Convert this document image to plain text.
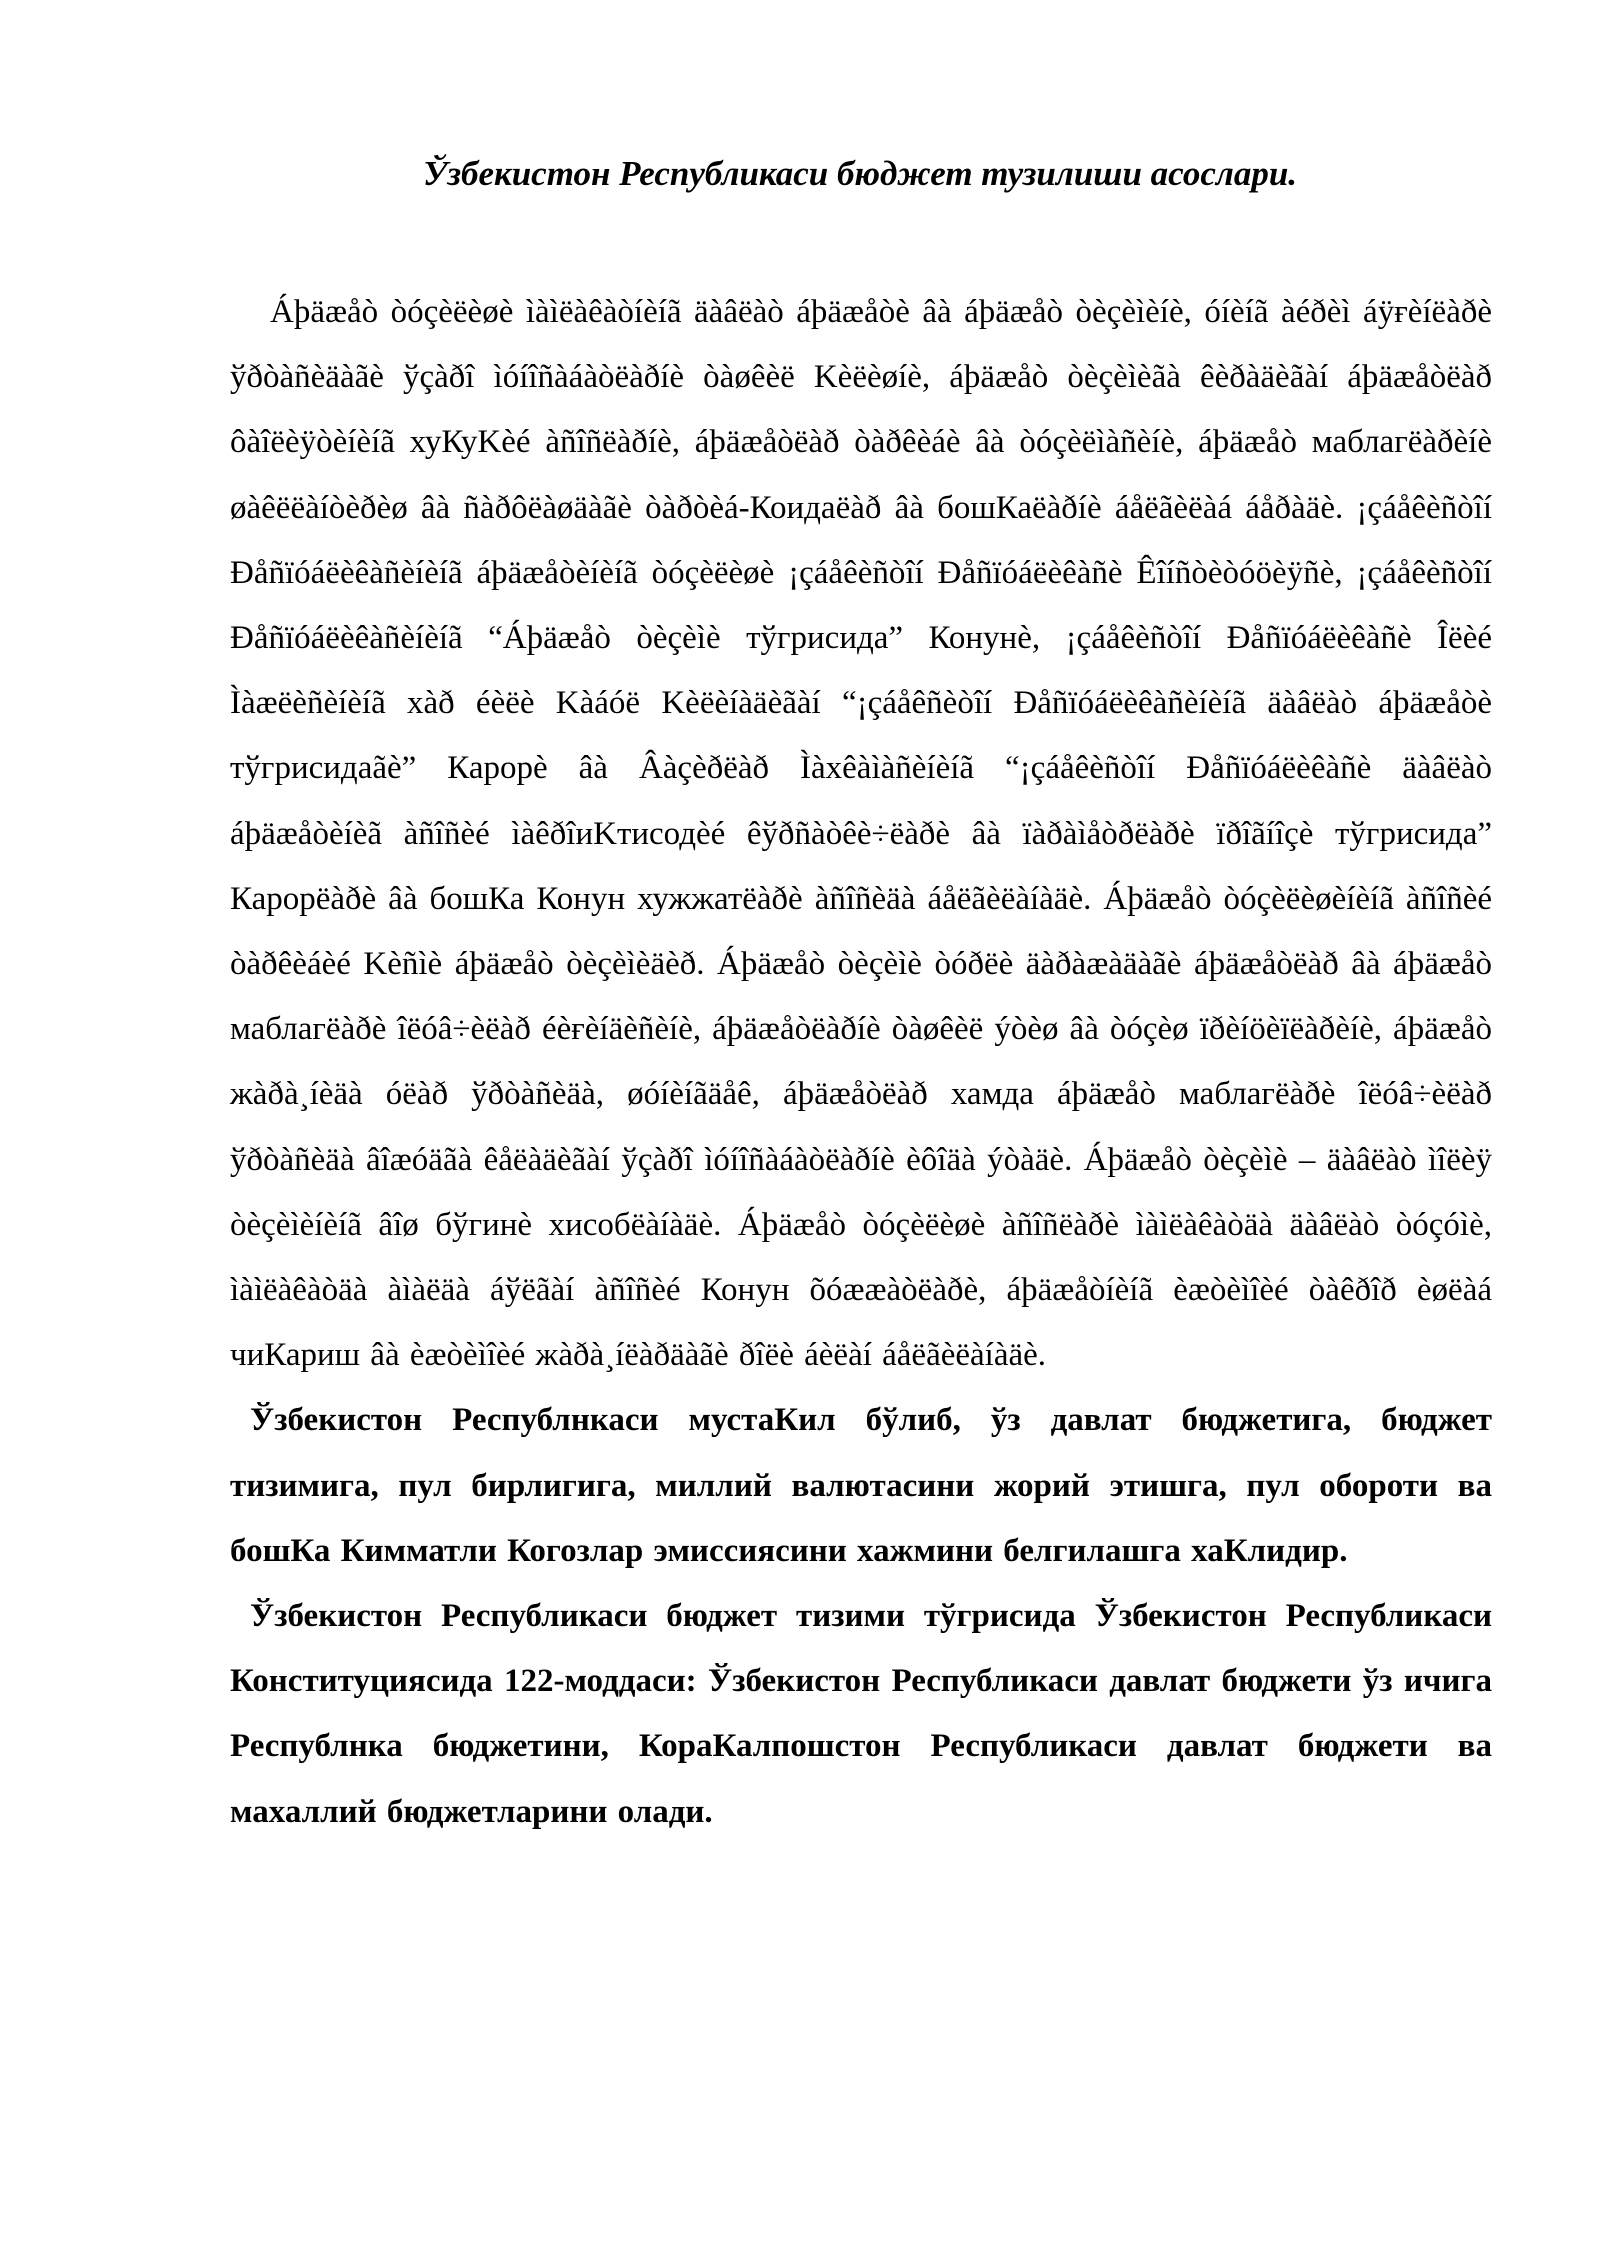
Ўзбекистон Республикаси бюджет тузилиши асослари.

Áþäæåò òóçèëèøè ìàìëàêàòíèíã äàâëàò áþäæåòè âà áþäæåò òèçèìèíè, óíèíã àéðèì áÿғèíëàðè ўðòàñèäàãè ўçàðî ìóíîñàáàòëàðíè òàøêèë Kèëèøíè, áþäæåò òèçèìèãà êèðàäèãàí áþäæåòëàð ôàîëèÿòèíèíã хуКуKèé àñîñëàðíè, áþäæåòëàð òàðêèáè âà òóçèëìàñèíè, áþäæåò маблагëàðèíè øàêëëàíòèðèø âà ñàðôëàøäàãè òàðòèá-Коидаëàð âà бошКаëàðíè áåëãèëàá áåðàäè. ¡çáåêèñòîí Ðåñïóáëèêàñèíèíã áþäæåòèíèíã òóçèëèøè ¡çáåêèñòîí Ðåñïóáëèêàñè Êîíñòèòóöèÿñè, ¡çáåêèñòîí Ðåñïóáëèêàñèíèíã “Áþäæåò òèçèìè тўгрисида” Конунè, ¡çáåêèñòîí Ðåñïóáëèêàñè Îëèé Ìàæëèñèíèíã хàð éèëè Kàáóë Kèëèíàäèãàí “¡çáåêñèòîí Ðåñïóáëèêàñèíèíã äàâëàò áþäæåòè тўгрисидаãè” Карорè âà Âàçèðëàð Ìàхêàìàñèíèíã “¡çáåêèñòîí Ðåñïóáëèêàñè äàâëàò áþäæåòèíèã àñîñèé ìàêðîиKтисодèé êўðñàòêè÷ëàðè âà ïàðàìåòðëàðè ïðîãíîçè тўгрисида” Карорëàðè âà бошКа Конун хужжатëàðè àñîñèäà áåëãèëàíàäè. Áþäæåò òóçèëèøèíèíã àñîñèé òàðêèáèé Kèñìè áþäæåò òèçèìèäèð. Áþäæåò òèçèìè òóðëè äàðàæàäàãè áþäæåòëàð âà áþäæåò маблагëàðè îëóâ÷èëàð éèғèíäèñèíè, áþäæåòëàðíè òàøêèë ýòèø âà òóçèø ïðèíöèïëàðèíè, áþäæåò жàðà¸íèäà óëàð ўðòàñèäà, øóíèíãäåê, áþäæåòëàð хамда áþäæåò маблагëàðè îëóâ÷èëàð ўðòàñèäà âîæóäãà êåëàäèãàí ўçàðî ìóíîñàáàòëàðíè èôîäà ýòàäè. Áþäæåò òèçèìè – äàâëàò ìîëèÿ òèçèìèíèíã âîø бўгинè хисобëàíàäè. Áþäæåò òóçèëèøè àñîñëàðè ìàìëàêàòäà äàâëàò òóçóìè, ìàìëàêàòäà àìàëäà áўëãàí àñîñèé Конун õóææàòëàðè, áþäæåòíèíã èæòèìîèé òàêðîð èøëàá чиКариш âà èæòèìîèé жàðà¸íëàðäàãè ðîëè áèëàí áåëãèëàíàäè.

Ўзбекистон Республнкаси мустаКил бўлиб, ўз давлат бюджетига, бюджет тизимига, пул бирлигига, миллий валютасини жорий этишга, пул обороти ва бошКа Кимматли Когозлар эмиссиясини хажмини белгилашга хаКлидир.

Ўзбекистон Республикаси бюджет тизими тўгрисида Ўзбекистон Республикаси Конституциясида 122-моддаси: Ўзбекистон Республикаси давлат бюджети ўз ичига Республнка бюджетини, КораКалпошстон Республикаси давлат бюджети ва махаллий бюджетларини олади.
